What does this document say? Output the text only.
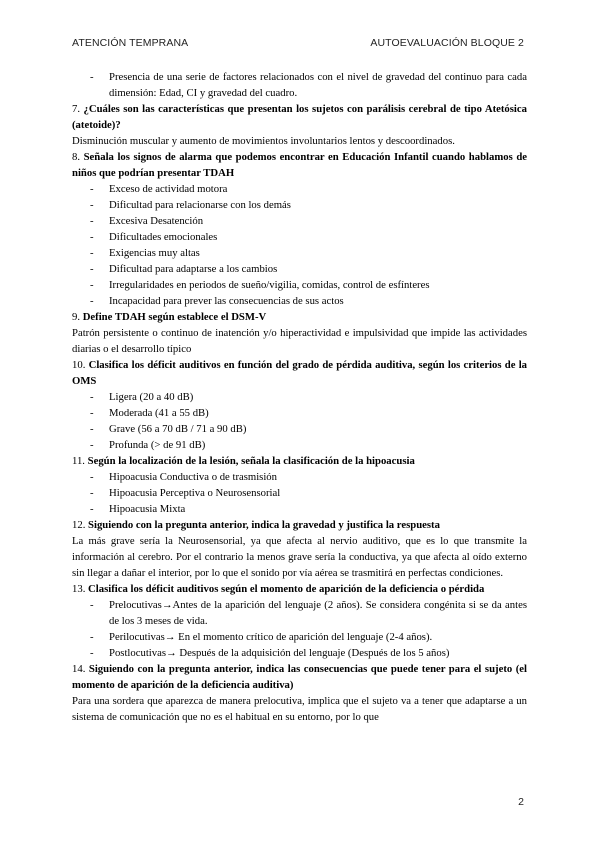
ATENCIÓN TEMPRANA	AUTOEVALUACIÓN BLOQUE 2
- Presencia de una serie de factores relacionados con el nivel de gravedad del continuo para cada dimensión: Edad, CI y gravedad del cuadro.
7. ¿Cuáles son las características que presentan los sujetos con parálisis cerebral de tipo Atetósica (atetoide)?
Disminución muscular y aumento de movimientos involuntarios lentos y descoordinados.
8. Señala los signos de alarma que podemos encontrar en Educación Infantil cuando hablamos de niños que podrían presentar TDAH
- Exceso de actividad motora
- Dificultad para relacionarse con los demás
- Excesiva Desatención
- Dificultades emocionales
- Exigencias muy altas
- Dificultad para adaptarse a los cambios
- Irregularidades en periodos de sueño/vigilia, comidas, control de esfínteres
- Incapacidad para prever las consecuencias de sus actos
9. Define TDAH según establece el DSM-V
Patrón persistente o continuo de inatención y/o hiperactividad e impulsividad que impide las actividades diarias o el desarrollo típico
10. Clasifica los déficit auditivos en función del grado de pérdida auditiva, según los criterios de la OMS
- Ligera (20 a 40 dB)
- Moderada (41 a 55 dB)
- Grave (56 a 70 dB / 71 a 90 dB)
- Profunda (> de 91 dB)
11. Según la localización de la lesión, señala la clasificación de la hipoacusia
- Hipoacusia Conductiva o de trasmisión
- Hipoacusia Perceptiva o Neurosensorial
- Hipoacusia Mixta
12. Siguiendo con la pregunta anterior, indica la gravedad y justifica la respuesta
La más grave sería la Neurosensorial, ya que afecta al nervio auditivo, que es lo que transmite la información al cerebro. Por el contrario la menos grave sería la conductiva, ya que afecta al oído externo sin llegar a dañar el interior, por lo que el sonido por vía aérea se trasmitirá en perfectas condiciones.
13. Clasifica los déficit auditivos según el momento de aparición de la deficiencia o pérdida
- Prelocutivas→Antes de la aparición del lenguaje (2 años). Se considera congénita si se da antes de los 3 meses de vida.
- Perilocutivas→ En el momento crítico de aparición del lenguaje (2-4 años).
- Postlocutivas→ Después de la adquisición del lenguaje (Después de los 5 años)
14. Siguiendo con la pregunta anterior, indica las consecuencias que puede tener para el sujeto (el momento de aparición de la deficiencia auditiva)
Para una sordera que aparezca de manera prelocutiva, implica que el sujeto va a tener que adaptarse a un sistema de comunicación que no es el habitual en su entorno, por lo que
2
